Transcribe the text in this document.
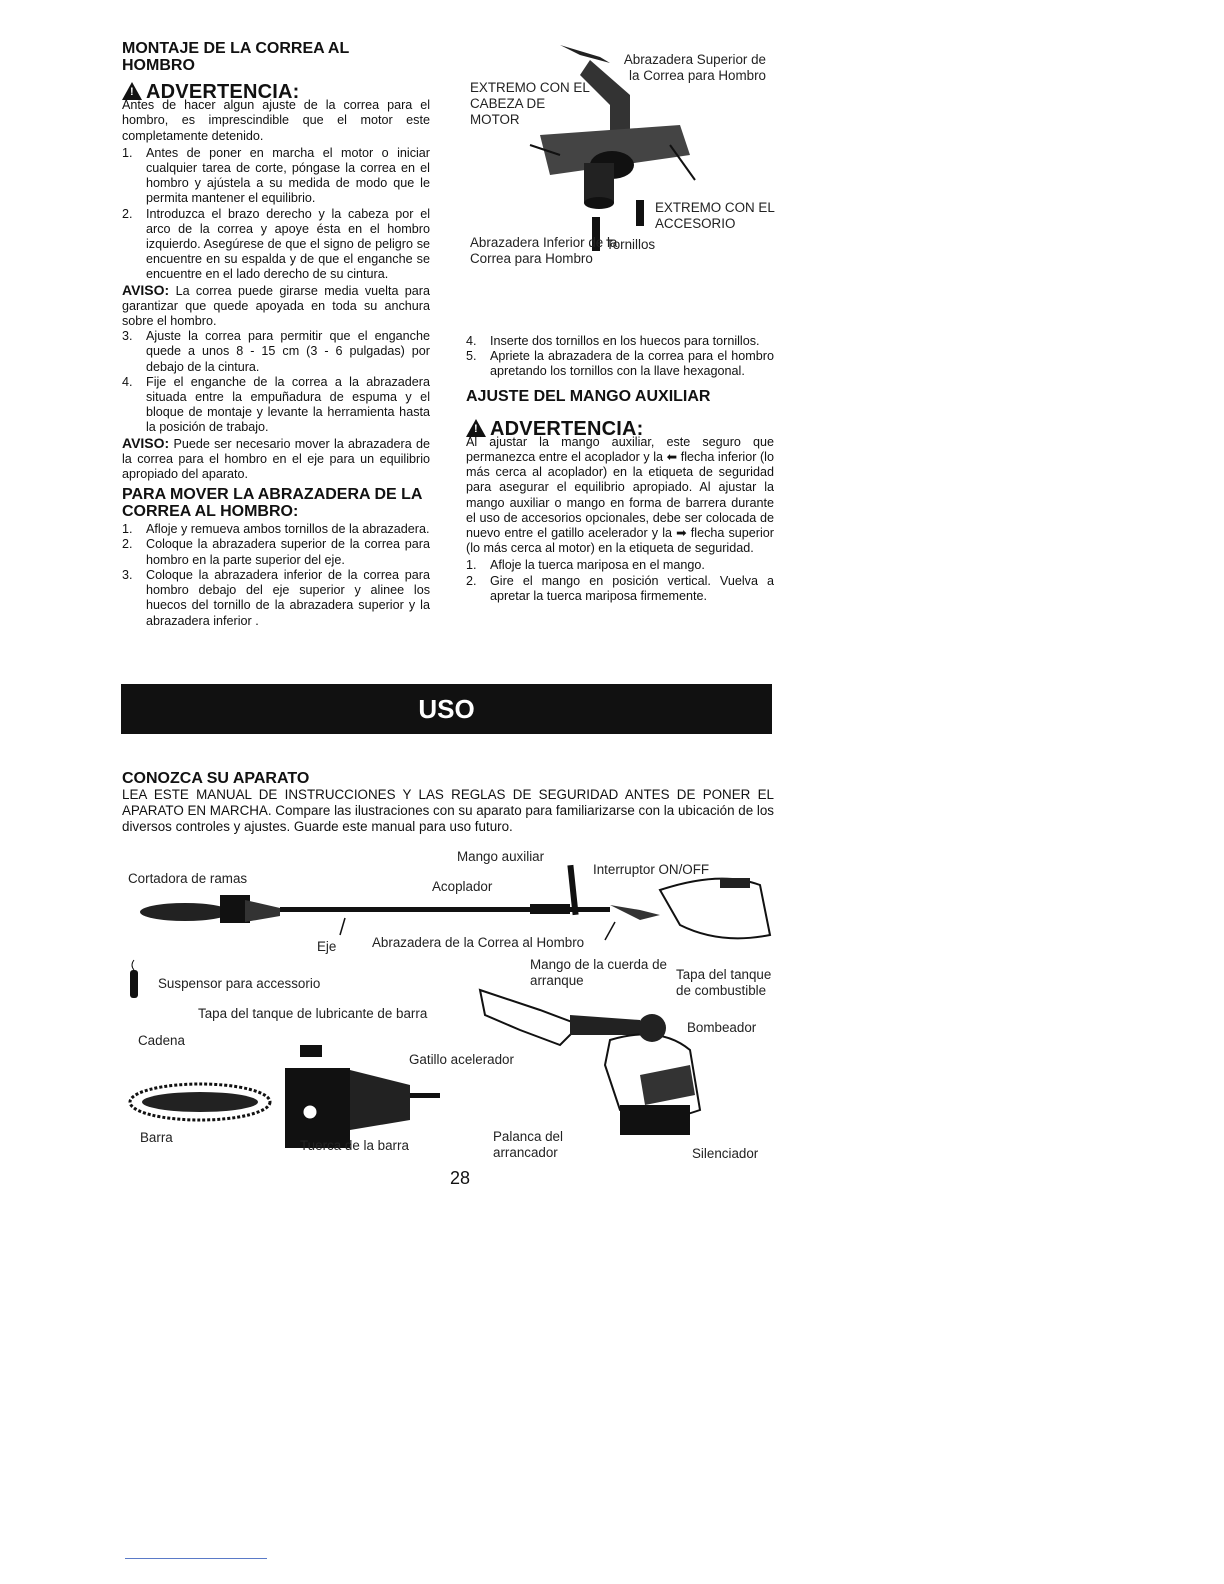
MONTAJE DE LA CORREA AL HOMBRO

!
ADVERTENCIA:

Antes de hacer algun ajuste de la correa para el hombro, es imprescindible que el motor este completamente detenido.

1.	Antes de poner en marcha el motor o iniciar cualquier tarea de corte, póngase la correa en el hombro y ajústela a su medida de modo que le permita mantener el equilibrio.
2.	Introduzca el brazo derecho y la cabeza por el arco de la correa y apoye ésta en el hombro izquierdo. Asegúrese de que el signo de peligro se encuentre en su espalda y de que el enganche se encuentre en el lado derecho de su cintura.

AVISO: La correa puede girarse media vuelta para garantizar que quede apoyada en toda su anchura sobre el hombro.

3.	Ajuste la correa para permitir que el enganche quede a unos 8 - 15 cm (3 - 6 pulgadas) por debajo de la cintura.
4.	Fije el enganche de la correa a la abrazadera situada entre la empuñadura de espuma y el bloque de montaje y levante la herramienta hasta la posición de trabajo.

AVISO: Puede ser necesario mover la abrazadera de la correa para el hombro en el eje para un equilibrio apropiado del aparato.

PARA MOVER LA ABRAZADERA DE LA CORREA AL HOMBRO:

1.	Afloje y remueva ambos tornillos de la abrazadera.
2.	Coloque la abrazadera superior de la correa para hombro en la parte superior del eje.
3.	Coloque la abrazadera inferior de la correa para hombro debajo del eje superior y alinee los huecos del tornillo de la abrazadera superior y la abrazadera inferior .
Abrazadera Superior de la Correa para Hombro
EXTREMO CON EL CABEZA DE MOTOR
EXTREMO CON EL ACCESORIO
Abrazadera Inferior de la Correa para Hombro
Tornillos
4.	Inserte dos tornillos en los huecos para tornillos.
5.	Apriete la abrazadera de la correa para el hombro apretando los tornillos con la llave hexagonal.

AJUSTE DEL MANGO AUXILIAR

!
ADVERTENCIA:

Al ajustar la mango auxiliar, este seguro que permanezca entre el acoplador y la ⬅ flecha inferior (lo más cerca al acoplador) en la etiqueta de seguridad para asegurar el equilibrio apropiado. Al ajustar la mango auxiliar o mango en forma de barrera durante el uso de accesorios opcionales, debe ser colocada de nuevo entre el gatillo acelerador y la ➡ flecha superior (lo más cerca al motor) en la etiqueta de seguridad.

1.	Afloje la tuerca mariposa en el mango.
2.	Gire el mango en posición vertical. Vuelva a apretar la tuerca mariposa firmemente.
USO

CONOZCA SU APARATO

LEA ESTE MANUAL DE INSTRUCCIONES Y LAS REGLAS DE SEGURIDAD ANTES DE PONER EL APARATO EN MARCHA. Compare las ilustraciones con su aparato para familiarizarse con la ubicación de los diversos controles y ajustes. Guarde este manual para uso futuro.

Cortadora de ramas
Mango auxiliar
Acoplador
Interruptor ON/OFF
Eje	Abrazadera de la Correa al Hombro
Suspensor para accessorio
Tapa del tanque de lubricante de barra
Cadena
Gatillo acelerador
Barra
Tuerca de la barra
Mango de la cuerda de arranque	Tapa del tanque de combustible
Bombeador
Palanca del arrancador	Silenciador
28
